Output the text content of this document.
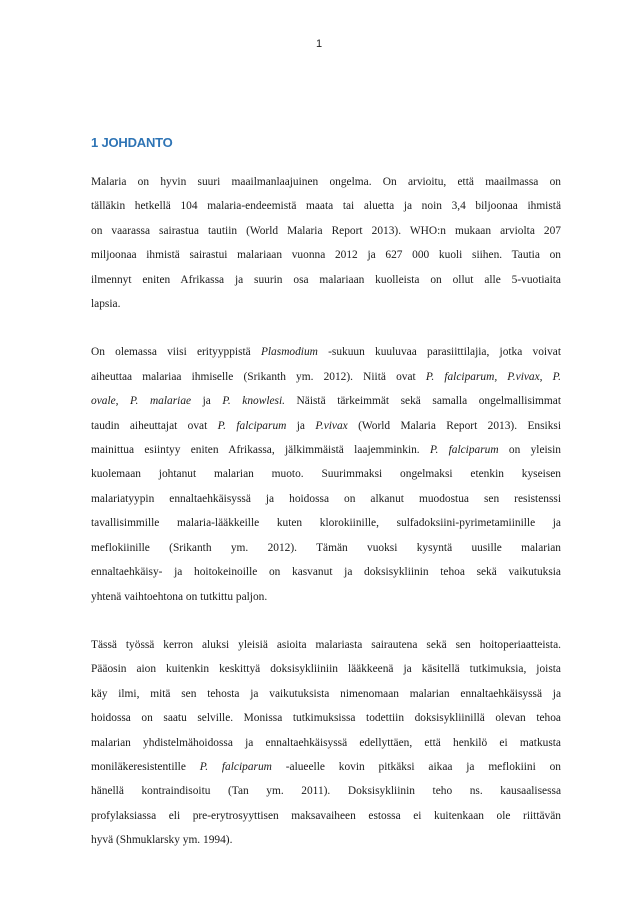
1
1 JOHDANTO

Malaria on hyvin suuri maailmanlaajuinen ongelma. On arvioitu, että maailmassa on
tälläkin hetkellä 104 malaria-endeemistä maata tai aluetta ja noin 3,4 biljoonaa ihmistä
on vaarassa sairastua tautiin (World Malaria Report 2013). WHO:n mukaan arviolta 207
miljoonaa ihmistä sairastui malariaan vuonna 2012 ja 627 000 kuoli siihen. Tautia on
ilmennyt eniten Afrikassa ja suurin osa malariaan kuolleista on ollut alle 5-vuotiaita
lapsia.

On olemassa viisi erityyppistä Plasmodium -sukuun kuuluvaa parasiittilajia, jotka voivat
aiheuttaa malariaa ihmiselle (Srikanth ym. 2012). Niitä ovat P. falciparum, P.vivax, P.
ovale, P. malariae ja P. knowlesi. Näistä tärkeimmät sekä samalla ongelmallisimmat
taudin aiheuttajat ovat P. falciparum ja P.vivax (World Malaria Report 2013). Ensiksi
mainittua esiintyy eniten Afrikassa, jälkimmäistä laajemminkin. P. falciparum on yleisin
kuolemaan johtanut malarian muoto. Suurimmaksi ongelmaksi etenkin kyseisen
malariatyypin ennaltaehkäisyssä ja hoidossa on alkanut muodostua sen resistenssi
tavallisimmille malaria-lääkkeille kuten klorokiinille, sulfadoksiini-pyrimetamiinille ja
meflokiinille (Srikanth ym. 2012). Tämän vuoksi kysyntä uusille malarian
ennaltaehkäisy- ja hoitokeinoille on kasvanut ja doksisykliinin tehoa sekä vaikutuksia
yhtenä vaihtoehtona on tutkittu paljon.

Tässä työssä kerron aluksi yleisiä asioita malariasta sairautena sekä sen hoitoperiaatteista.
Pääosin aion kuitenkin keskittyä doksisykliiniin lääkkeenä ja käsitellä tutkimuksia, joista
käy ilmi, mitä sen tehosta ja vaikutuksista nimenomaan malarian ennaltaehkäisyssä ja
hoidossa on saatu selville. Monissa tutkimuksissa todettiin doksisykliinillä olevan tehoa
malarian yhdistelmähoidossa ja ennaltaehkäisyssä edellyttäen, että henkilö ei matkusta
moniläkeresistentille P. falciparum -alueelle kovin pitkäksi aikaa ja meflokiini on
hänellä kontraindisoitu (Tan ym. 2011). Doksisykliinin teho ns. kausaalisessa
profylaksiassa eli pre-erytrosyyttisen maksavaiheen estossa ei kuitenkaan ole riittävän
hyvä (Shmuklarsky ym. 1994).
